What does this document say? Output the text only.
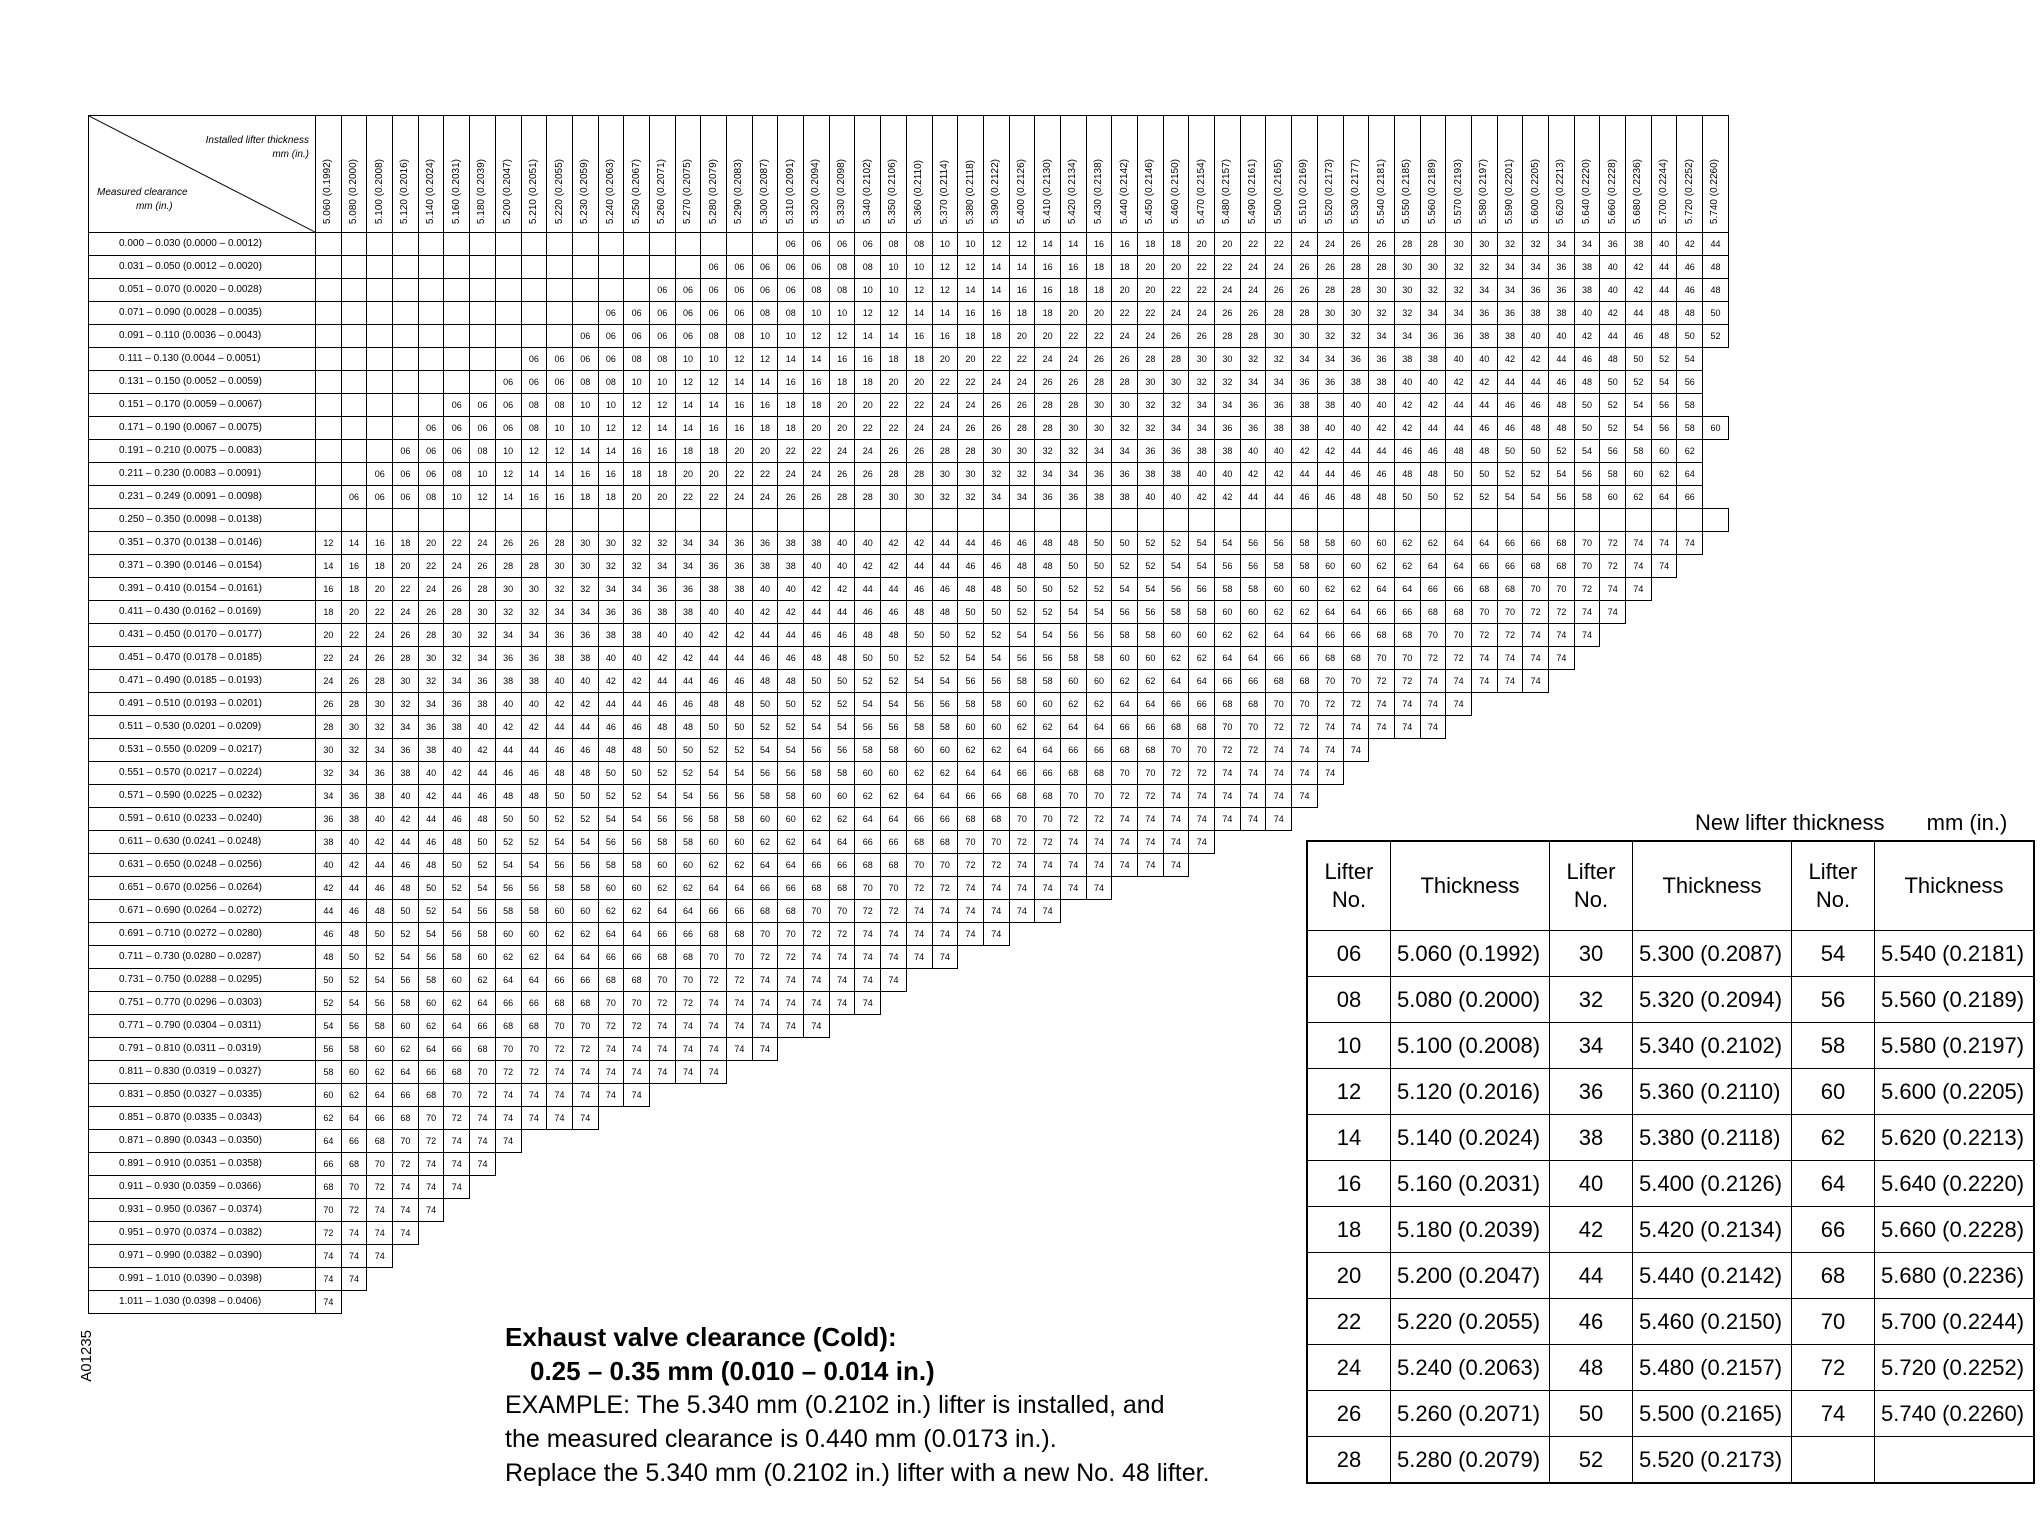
Installed lifter thickness
mm (in.)
Measured clearance
mm (in.)	5.060 (0.1992)	5.080 (0.2000)	5.100 (0.2008)	5.120 (0.2016)	5.140 (0.2024)	5.160 (0.2031)	5.180 (0.2039)	5.200 (0.2047)	5.210 (0.2051)	5.220 (0.2055)	5.230 (0.2059)	5.240 (0.2063)	5.250 (0.2067)	5.260 (0.2071)	5.270 (0.2075)	5.280 (0.2079)	5.290 (0.2083)	5.300 (0.2087)	5.310 (0.2091)	5.320 (0.2094)	5.330 (0.2098)	5.340 (0.2102)	5.350 (0.2106)	5.360 (0.2110)	5.370 (0.2114)	5.380 (0.2118)	5.390 (0.2122)	5.400 (0.2126)	5.410 (0.2130)	5.420 (0.2134)	5.430 (0.2138)	5.440 (0.2142)	5.450 (0.2146)	5.460 (0.2150)	5.470 (0.2154)	5.480 (0.2157)	5.490 (0.2161)	5.500 (0.2165)	5.510 (0.2169)	5.520 (0.2173)	5.530 (0.2177)	5.540 (0.2181)	5.550 (0.2185)	5.560 (0.2189)	5.570 (0.2193)	5.580 (0.2197)	5.590 (0.2201)	5.600 (0.2205)	5.620 (0.2213)	5.640 (0.2220)	5.660 (0.2228)	5.680 (0.2236)	5.700 (0.2244)	5.720 (0.2252)	5.740 (0.2260)
0.000 – 0.030 (0.0000 – 0.0012)																			06	06	06	06	08	08	10	10	12	12	14	14	16	16	18	18	20	20	22	22	24	24	26	26	28	28	30	30	32	32	34	34	36	38	40	42	44
0.031 – 0.050 (0.0012 – 0.0020)																06	06	06	06	06	08	08	10	10	12	12	14	14	16	16	18	18	20	20	22	22	24	24	26	26	28	28	30	30	32	32	34	34	36	38	40	42	44	46	48
0.051 – 0.070 (0.0020 – 0.0028)														06	06	06	06	06	06	08	08	10	10	12	12	14	14	16	16	18	18	20	20	22	22	24	24	26	26	28	28	30	30	32	32	34	34	36	36	38	40	42	44	46	48
0.071 – 0.090 (0.0028 – 0.0035)												06	06	06	06	06	06	08	08	10	10	12	12	14	14	16	16	18	18	20	20	22	22	24	24	26	26	28	28	30	30	32	32	34	34	36	36	38	38	40	42	44	48	48	50
0.091 – 0.110 (0.0036 – 0.0043)											06	06	06	06	06	08	08	10	10	12	12	14	14	16	16	18	18	20	20	22	22	24	24	26	26	28	28	30	30	32	32	34	34	36	36	38	38	40	40	42	44	46	48	50	52
0.111 – 0.130 (0.0044 – 0.0051)									06	06	06	06	08	08	10	10	12	12	14	14	16	16	18	18	20	20	22	22	24	24	26	26	28	28	30	30	32	32	34	34	36	36	38	38	40	40	42	42	44	46	48	50	52	54	
0.131 – 0.150 (0.0052 – 0.0059)								06	06	06	08	08	10	10	12	12	14	14	16	16	18	18	20	20	22	22	24	24	26	26	28	28	30	30	32	32	34	34	36	36	38	38	40	40	42	42	44	44	46	48	50	52	54	56	
0.151 – 0.170 (0.0059 – 0.0067)						06	06	06	08	08	10	10	12	12	14	14	16	16	18	18	20	20	22	22	24	24	26	26	28	28	30	30	32	32	34	34	36	36	38	38	40	40	42	42	44	44	46	46	48	50	52	54	56	58	
0.171 – 0.190 (0.0067 – 0.0075)					06	06	06	06	08	10	10	12	12	14	14	16	16	18	18	20	20	22	22	24	24	26	26	28	28	30	30	32	32	34	34	36	36	38	38	40	40	42	42	44	44	46	46	48	48	50	52	54	56	58	60
0.191 – 0.210 (0.0075 – 0.0083)				06	06	06	08	10	12	12	14	14	16	16	18	18	20	20	22	22	24	24	26	26	28	28	30	30	32	32	34	34	36	36	38	38	40	40	42	42	44	44	46	46	48	48	50	50	52	54	56	58	60	62	
0.211 – 0.230 (0.0083 – 0.0091)			06	06	06	08	10	12	14	14	16	16	18	18	20	20	22	22	24	24	26	26	28	28	30	30	32	32	34	34	36	36	38	38	40	40	42	42	44	44	46	46	48	48	50	50	52	52	54	56	58	60	62	64	
0.231 – 0.249 (0.0091 – 0.0098)		06	06	06	08	10	12	14	16	16	18	18	20	20	22	22	24	24	26	26	28	28	30	30	32	32	34	34	36	36	38	38	40	40	42	42	44	44	46	46	48	48	50	50	52	52	54	54	56	58	60	62	64	66	
0.250 – 0.350 (0.0098 – 0.0138)																																																							
0.351 – 0.370 (0.0138 – 0.0146)	12	14	16	18	20	22	24	26	26	28	30	30	32	32	34	34	36	36	38	38	40	40	42	42	44	44	46	46	48	48	50	50	52	52	54	54	56	56	58	58	60	60	62	62	64	64	66	66	68	70	72	74	74	74	
0.371 – 0.390 (0.0146 – 0.0154)	14	16	18	20	22	24	26	28	28	30	30	32	32	34	34	36	36	38	38	40	40	42	42	44	44	46	46	48	48	50	50	52	52	54	54	56	56	58	58	60	60	62	62	64	64	66	66	68	68	70	72	74	74		
0.391 – 0.410 (0.0154 – 0.0161)	16	18	20	22	24	26	28	30	30	32	32	34	34	36	36	38	38	40	40	42	42	44	44	46	46	48	48	50	50	52	52	54	54	56	56	58	58	60	60	62	62	64	64	66	66	68	68	70	70	72	74	74			
0.411 – 0.430 (0.0162 – 0.0169)	18	20	22	24	26	28	30	32	32	34	34	36	36	38	38	40	40	42	42	44	44	46	46	48	48	50	50	52	52	54	54	56	56	58	58	60	60	62	62	64	64	66	66	68	68	70	70	72	72	74	74				
0.431 – 0.450 (0.0170 – 0.0177)	20	22	24	26	28	30	32	34	34	36	36	38	38	40	40	42	42	44	44	46	46	48	48	50	50	52	52	54	54	56	56	58	58	60	60	62	62	64	64	66	66	68	68	70	70	72	72	74	74	74					
0.451 – 0.470 (0.0178 – 0.0185)	22	24	26	28	30	32	34	36	36	38	38	40	40	42	42	44	44	46	46	48	48	50	50	52	52	54	54	56	56	58	58	60	60	62	62	64	64	66	66	68	68	70	70	72	72	74	74	74	74						
0.471 – 0.490 (0.0185 – 0.0193)	24	26	28	30	32	34	36	38	38	40	40	42	42	44	44	46	46	48	48	50	50	52	52	54	54	56	56	58	58	60	60	62	62	64	64	66	66	68	68	70	70	72	72	74	74	74	74	74							
0.491 – 0.510 (0.0193 – 0.0201)	26	28	30	32	34	36	38	40	40	42	42	44	44	46	46	48	48	50	50	52	52	54	54	56	56	58	58	60	60	62	62	64	64	66	66	68	68	70	70	72	72	74	74	74	74										
0.511 – 0.530 (0.0201 – 0.0209)	28	30	32	34	36	38	40	42	42	44	44	46	46	48	48	50	50	52	52	54	54	56	56	58	58	60	60	62	62	64	64	66	66	68	68	70	70	72	72	74	74	74	74	74											
0.531 – 0.550 (0.0209 – 0.0217)	30	32	34	36	38	40	42	44	44	46	46	48	48	50	50	52	52	54	54	56	56	58	58	60	60	62	62	64	64	66	66	68	68	70	70	72	72	74	74	74	74														
0.551 – 0.570 (0.0217 – 0.0224)	32	34	36	38	40	42	44	46	46	48	48	50	50	52	52	54	54	56	56	58	58	60	60	62	62	64	64	66	66	68	68	70	70	72	72	74	74	74	74	74															
0.571 – 0.590 (0.0225 – 0.0232)	34	36	38	40	42	44	46	48	48	50	50	52	52	54	54	56	56	58	58	60	60	62	62	64	64	66	66	68	68	70	70	72	72	74	74	74	74	74	74																
0.591 – 0.610 (0.0233 – 0.0240)	36	38	40	42	44	46	48	50	50	52	52	54	54	56	56	58	58	60	60	62	62	64	64	66	66	68	68	70	70	72	72	74	74	74	74	74	74	74																	
0.611 – 0.630 (0.0241 – 0.0248)	38	40	42	44	46	48	50	52	52	54	54	56	56	58	58	60	60	62	62	64	64	66	66	68	68	70	70	72	72	74	74	74	74	74	74																				
0.631 – 0.650 (0.0248 – 0.0256)	40	42	44	46	48	50	52	54	54	56	56	58	58	60	60	62	62	64	64	66	66	68	68	70	70	72	72	74	74	74	74	74	74	74																					
0.651 – 0.670 (0.0256 – 0.0264)	42	44	46	48	50	52	54	56	56	58	58	60	60	62	62	64	64	66	66	68	68	70	70	72	72	74	74	74	74	74	74																								
0.671 – 0.690 (0.0264 – 0.0272)	44	46	48	50	52	54	56	58	58	60	60	62	62	64	64	66	66	68	68	70	70	72	72	74	74	74	74	74	74																										
0.691 – 0.710 (0.0272 – 0.0280)	46	48	50	52	54	56	58	60	60	62	62	64	64	66	66	68	68	70	70	72	72	74	74	74	74	74	74																												
0.711 – 0.730 (0.0280 – 0.0287)	48	50	52	54	56	58	60	62	62	64	64	66	66	68	68	70	70	72	72	74	74	74	74	74	74																														
0.731 – 0.750 (0.0288 – 0.0295)	50	52	54	56	58	60	62	64	64	66	66	68	68	70	70	72	72	74	74	74	74	74	74																																
0.751 – 0.770 (0.0296 – 0.0303)	52	54	56	58	60	62	64	66	66	68	68	70	70	72	72	74	74	74	74	74	74	74																																	
0.771 – 0.790 (0.0304 – 0.0311)	54	56	58	60	62	64	66	68	68	70	70	72	72	74	74	74	74	74	74	74																																			
0.791 – 0.810 (0.0311 – 0.0319)	56	58	60	62	64	66	68	70	70	72	72	74	74	74	74	74	74	74																																					
0.811 – 0.830 (0.0319 – 0.0327)	58	60	62	64	66	68	70	72	72	74	74	74	74	74	74	74																																							
0.831 – 0.850 (0.0327 – 0.0335)	60	62	64	66	68	70	72	74	74	74	74	74	74																																										
0.851 – 0.870 (0.0335 – 0.0343)	62	64	66	68	70	72	74	74	74	74	74																																												
0.871 – 0.890 (0.0343 – 0.0350)	64	66	68	70	72	74	74	74																																															
0.891 – 0.910 (0.0351 – 0.0358)	66	68	70	72	74	74	74																																																
0.911 – 0.930 (0.0359 – 0.0366)	68	70	72	74	74	74																																																	
0.931 – 0.950 (0.0367 – 0.0374)	70	72	74	74	74																																																		
0.951 – 0.970 (0.0374 – 0.0382)	72	74	74	74																																																			
0.971 – 0.990 (0.0382 – 0.0390)	74	74	74																																																				
0.991 – 1.010 (0.0390 – 0.0398)	74	74																																																					
1.011 – 1.030 (0.0398 – 0.0406)	74																																																						
New lifter thickness mm (in.)
Lifter No.	Thickness	Lifter No.	Thickness	Lifter No.	Thickness
06	5.060 (0.1992)	30	5.300 (0.2087)	54	5.540 (0.2181)
08	5.080 (0.2000)	32	5.320 (0.2094)	56	5.560 (0.2189)
10	5.100 (0.2008)	34	5.340 (0.2102)	58	5.580 (0.2197)
12	5.120 (0.2016)	36	5.360 (0.2110)	60	5.600 (0.2205)
14	5.140 (0.2024)	38	5.380 (0.2118)	62	5.620 (0.2213)
16	5.160 (0.2031)	40	5.400 (0.2126)	64	5.640 (0.2220)
18	5.180 (0.2039)	42	5.420 (0.2134)	66	5.660 (0.2228)
20	5.200 (0.2047)	44	5.440 (0.2142)	68	5.680 (0.2236)
22	5.220 (0.2055)	46	5.460 (0.2150)	70	5.700 (0.2244)
24	5.240 (0.2063)	48	5.480 (0.2157)	72	5.720 (0.2252)
26	5.260 (0.2071)	50	5.500 (0.2165)	74	5.740 (0.2260)
28	5.280 (0.2079)	52	5.520 (0.2173)		
Exhaust valve clearance (Cold):
0.25 – 0.35 mm (0.010 – 0.014 in.)
EXAMPLE: The 5.340 mm (0.2102 in.) lifter is installed, and
the measured clearance is 0.440 mm (0.0173 in.).
Replace the 5.340 mm (0.2102 in.) lifter with a new No. 48 lifter.
A01235
